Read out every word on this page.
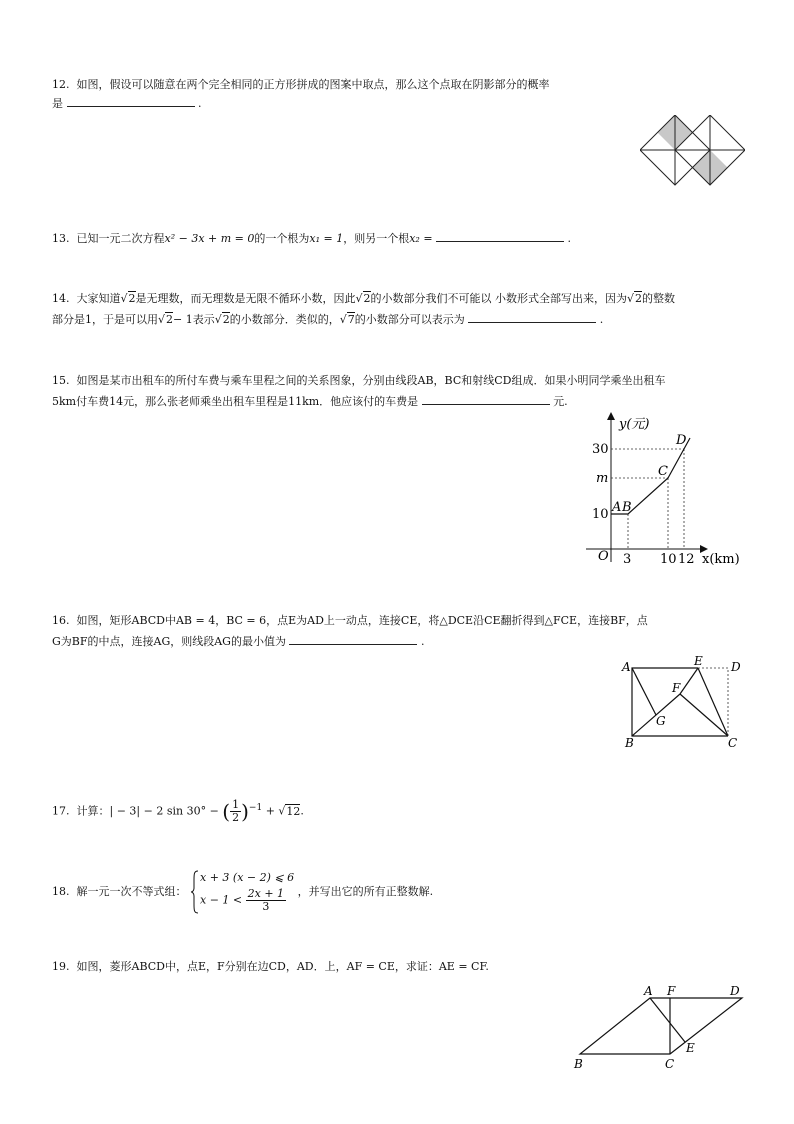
12. 如图，假设可以随意在两个完全相同的正方形拼成的图案中取点，那么这个点取在阴影部分的概率
是	.
13. 已知一元二次方程x² − 3x + m = 0的一个根为x₁ = 1，则另一个根x₂ =	.
14. 大家知道√2是无理数，而无理数是无限不循环小数，因此√2的小数部分我们不可能以 小数形式全部写出来，因为√2的整数
部分是1，于是可以用√2− 1表示√2的小数部分．类似的，√7的小数部分可以表示为	.
15. 如图是某市出租车的所付车费与乘车里程之间的关系图象，分别由线段AB，BC和射线CD组成．如果小明同学乘坐出租车
5km付车费14元，那么张老师乘坐出租车里程是11km．他应该付的车费是	元.
y(元)
x(km)
O
30
m
10
3 10 12
A B
C
D
16. 如图，矩形ABCD中AB = 4，BC = 6，点E为AD上一动点，连接CE，将△DCE沿CE翻折得到△FCE，连接BF，点
G为BF的中点，连接AG，则线段AG的最小值为	.
A	E D
F
G
B	C
17. 计算：| − 3| − 2 sin 30° − ( $\frac{1}{2} )^{-1} + √12$.
18. 解一元一次不等式组：
x + 3 (x − 2) ⩽ 6
$x - 1 < \frac{2x + 1}{3}$ ，并写出它的所有正整数解.
19. 如图，菱形ABCD中，点E，F分别在边CD，AD．上，AF = CE，求证：AE = CF.
A F	D
E
B	C
